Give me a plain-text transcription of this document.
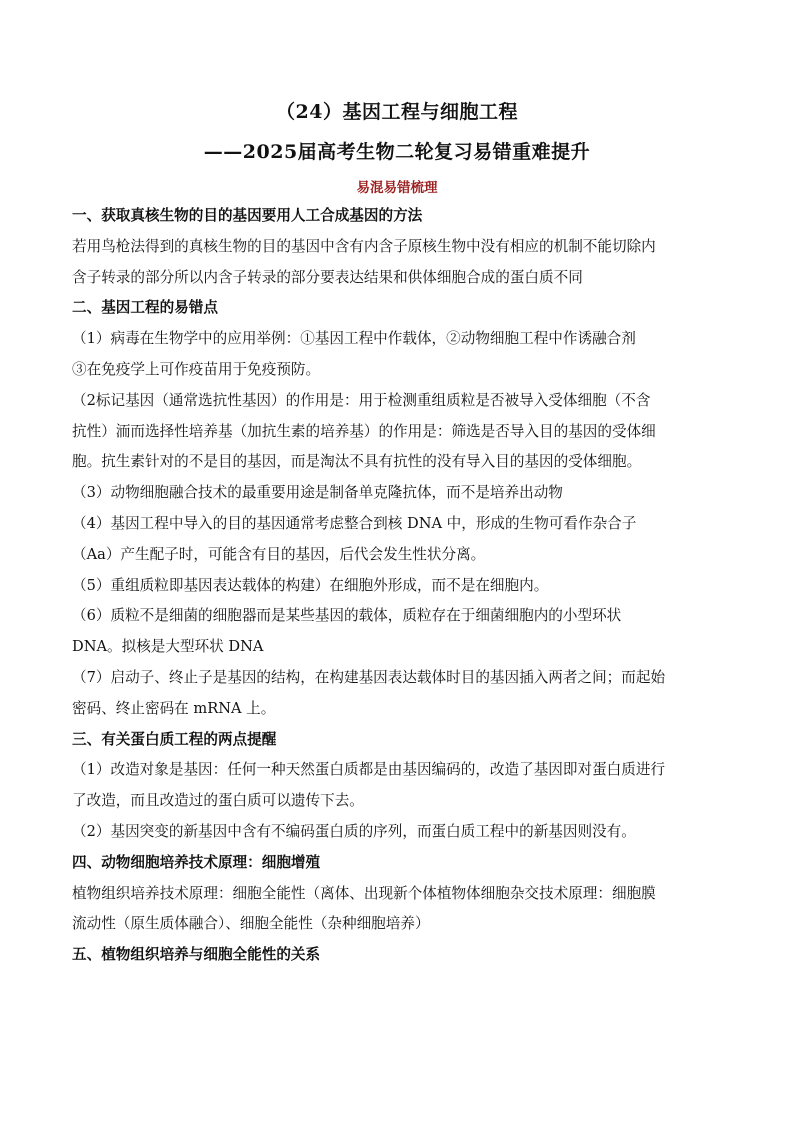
（24）基因工程与细胞工程
——2025届高考生物二轮复习易错重难提升
易混易错梳理
一、获取真核生物的目的基因要用人工合成基因的方法
若用鸟枪法得到的真核生物的目的基因中含有内含子原核生物中没有相应的机制不能切除内
含子转录的部分所以内含子转录的部分要表达结果和供体细胞合成的蛋白质不同
二、基因工程的易错点
（1）病毒在生物学中的应用举例：①基因工程中作载体，②动物细胞工程中作诱融合剂
③在免疫学上可作疫苗用于免疫预防。
（2标记基因（通常选抗性基因）的作用是：用于检测重组质粒是否被导入受体细胞（不含
抗性）洏而选择性培养基（加抗生素的培养基）的作用是：筛选是否导入目的基因的受体细
胞。抗生素针对的不是目的基因，而是淘汰不具有抗性的没有导入目的基因的受体细胞。
（3）动物细胞融合技术的最重要用途是制备单克隆抗体，而不是培养出动物
（4）基因工程中导入的目的基因通常考虑整合到核 DNA 中，形成的生物可看作杂合子
（Aa）产生配子时，可能含有目的基因，后代会发生性状分离。
（5）重组质粒即基因表达载体的构建）在细胞外形成，而不是在细胞内。
（6）质粒不是细菌的细胞器而是某些基因的载体，质粒存在于细菌细胞内的小型环状
DNA。拟核是大型环状 DNA
（7）启动子、终止子是基因的结构，在构建基因表达载体时目的基因插入两者之间；而起始
密码、终止密码在 mRNA 上。
三、有关蛋白质工程的两点提醒
（1）改造对象是基因：任何一种天然蛋白质都是由基因编码的，改造了基因即对蛋白质进行
了改造，而且改造过的蛋白质可以遗传下去。
（2）基因突变的新基因中含有不编码蛋白质的序列，而蛋白质工程中的新基因则没有。
四、动物细胞培养技术原理：细胞增殖
植物组织培养技术原理：细胞全能性（离体、出现新个体植物体细胞杂交技术原理：细胞膜
流动性（原生质体融合）、细胞全能性（杂种细胞培养）
五、植物组织培养与细胞全能性的关系
